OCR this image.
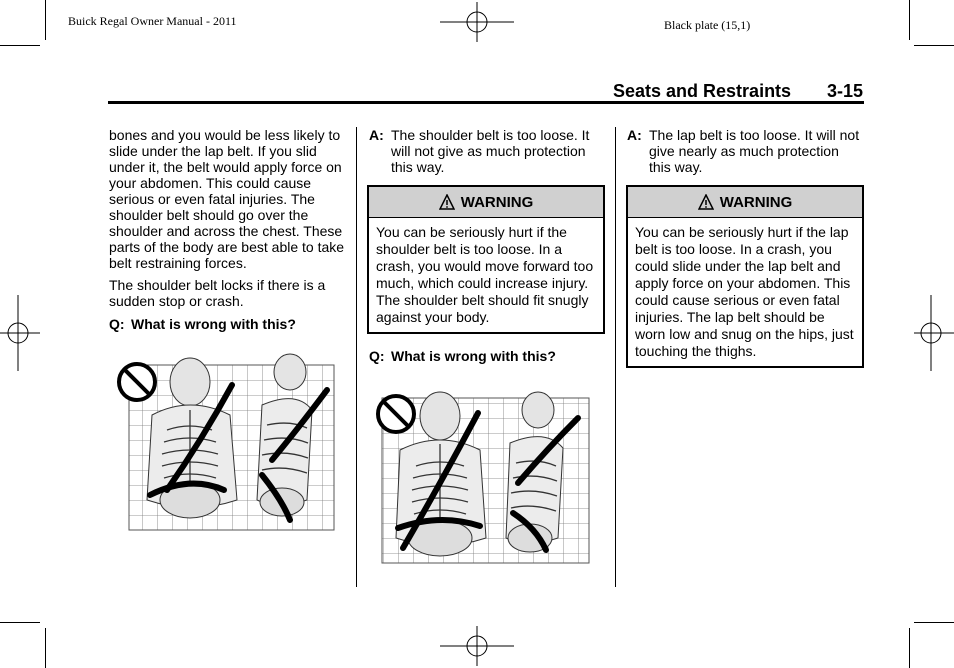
Buick Regal Owner Manual - 2011	Black plate (15,1)
Seats and Restraints 3-15

bones and you would be less likely to slide under the lap belt. If you slid under it, the belt would apply force on your abdomen. This could cause serious or even fatal injuries. The shoulder belt should go over the shoulder and across the chest. These parts of the body are best able to take belt restraining forces.

The shoulder belt locks if there is a sudden stop or crash.

Q: What is wrong with this?
A: The shoulder belt is too loose. It will not give as much protection this way.
WARNING
You can be seriously hurt if the shoulder belt is too loose. In a crash, you would move forward too much, which could increase injury. The shoulder belt should fit snugly against your body.
Q: What is wrong with this?
A: The lap belt is too loose. It will not give nearly as much protection this way.
WARNING
You can be seriously hurt if the lap belt is too loose. In a crash, you could slide under the lap belt and apply force on your abdomen. This could cause serious or even fatal injuries. The lap belt should be worn low and snug on the hips, just touching the thighs.
